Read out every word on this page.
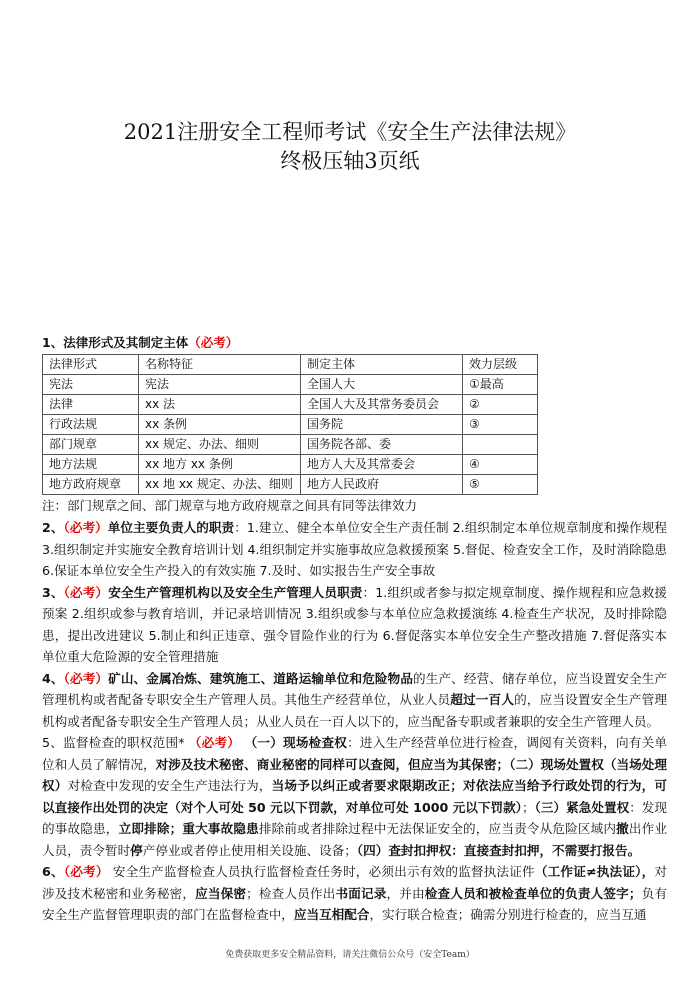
2021注册安全工程师考试《安全生产法律法规》
终极压轴3页纸
1、法律形式及其制定主体（必考）
法律形式	名称特征	制定主体	效力层级
宪法	宪法	全国人大	①最高
法律	xx 法	全国人大及其常务委员会	②
行政法规	xx 条例	国务院	③
部门规章	xx 规定、办法、细则	国务院各部、委	
地方法规	xx 地方 xx 条例	地方人大及其常委会	④
地方政府规章	xx 地 xx 规定、办法、细则	地方人民政府	⑤
注：部门规章之间、部门规章与地方政府规章之间具有同等法律效力

2、（必考）单位主要负责人的职责：1.建立、健全本单位安全生产责任制 2.组织制定本单位规章制度和操作规程 3.组织制定并实施安全教育培训计划 4.组织制定并实施事故应急救援预案 5.督促、检查安全工作，及时消除隐患 6.保证本单位安全生产投入的有效实施 7.及时、如实报告生产安全事故

3、（必考）安全生产管理机构以及安全生产管理人员职责：1.组织或者参与拟定规章制度、操作规程和应急救援预案 2.组织或参与教育培训，并记录培训情况 3.组织或参与本单位应急救援演练 4.检查生产状况，及时排除隐患，提出改进建议 5.制止和纠正违章、强令冒险作业的行为 6.督促落实本单位安全生产整改措施 7.督促落实本单位重大危险源的安全管理措施

4、（必考）矿山、金属冶炼、建筑施工、道路运输单位和危险物品的生产、经营、储存单位，应当设置安全生产管理机构或者配备专职安全生产管理人员。其他生产经营单位，从业人员超过一百人的，应当设置安全生产管理机构或者配备专职安全生产管理人员；从业人员在一百人以下的，应当配备专职或者兼职的安全生产管理人员。

5、监督检查的职权范围* （必考） （一）现场检查权：进入生产经营单位进行检查，调阅有关资料，向有关单位和人员了解情况，对涉及技术秘密、商业秘密的同样可以查阅，但应当为其保密；（二）现场处置权（当场处理权）对检查中发现的安全生产违法行为，当场予以纠正或者要求限期改正；对依法应当给予行政处罚的行为，可以直接作出处罚的决定（对个人可处 50 元以下罚款，对单位可处 1000 元以下罚款）；（三）紧急处置权：发现的事故隐患，立即排除；重大事故隐患排除前或者排除过程中无法保证安全的，应当责令从危险区域内撤出作业人员，责令暂时停产停业或者停止使用相关设施、设备；（四）查封扣押权：直接查封扣押，不需要打报告。

6、（必考） 安全生产监督检查人员执行监督检查任务时，必须出示有效的监督执法证件（工作证≠执法证），对涉及技术秘密和业务秘密，应当保密；检查人员作出书面记录，并由检查人员和被检查单位的负责人签字；负有安全生产监督管理职责的部门在监督检查中，应当互相配合，实行联合检查；确需分别进行检查的，应当互通

免费获取更多安全精品资料，请关注微信公众号（安全Team）
